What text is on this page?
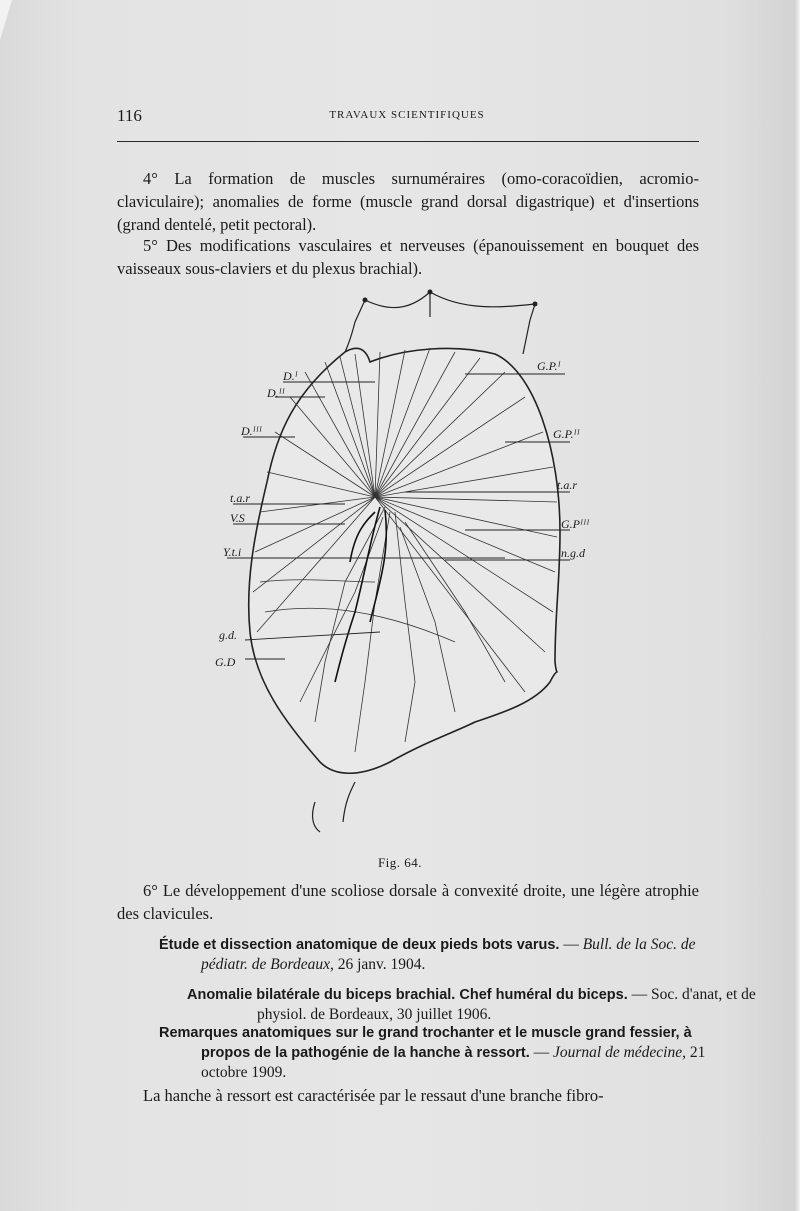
116	TRAVAUX SCIENTIFIQUES
4° La formation de muscles surnuméraires (omo-coracoïdien, acromio-claviculaire); anomalies de forme (muscle grand dorsal digastrique) et d'insertions (grand dentelé, petit pectoral).
5° Des modifications vasculaires et nerveuses (épanouissement en bouquet des vaisseaux sous-claviers et du plexus brachial).
D.ᴵ
D.ᴵᴵ
D.ᴵᴵᴵ
t.a.r
V.S
Y.t.i
g.d.
G.D
G.P.ᴵ
G.P.ᴵᴵ
t.a.r
G.Pᴵᴵᴵ
n.g.d
Fig. 64.
6° Le développement d'une scoliose dorsale à convexité droite, une légère atrophie des clavicules.
Étude et dissection anatomique de deux pieds bots varus. — Bull. de la Soc. de pédiatr. de Bordeaux, 26 janv. 1904.
Anomalie bilatérale du biceps brachial. Chef huméral du biceps. — Soc. d'anat, et de physiol. de Bordeaux, 30 juillet 1906.
Remarques anatomiques sur le grand trochanter et le muscle grand fessier, à propos de la pathogénie de la hanche à ressort. — Journal de médecine, 21 octobre 1909.
La hanche à ressort est caractérisée par le ressaut d'une branche fibro-
